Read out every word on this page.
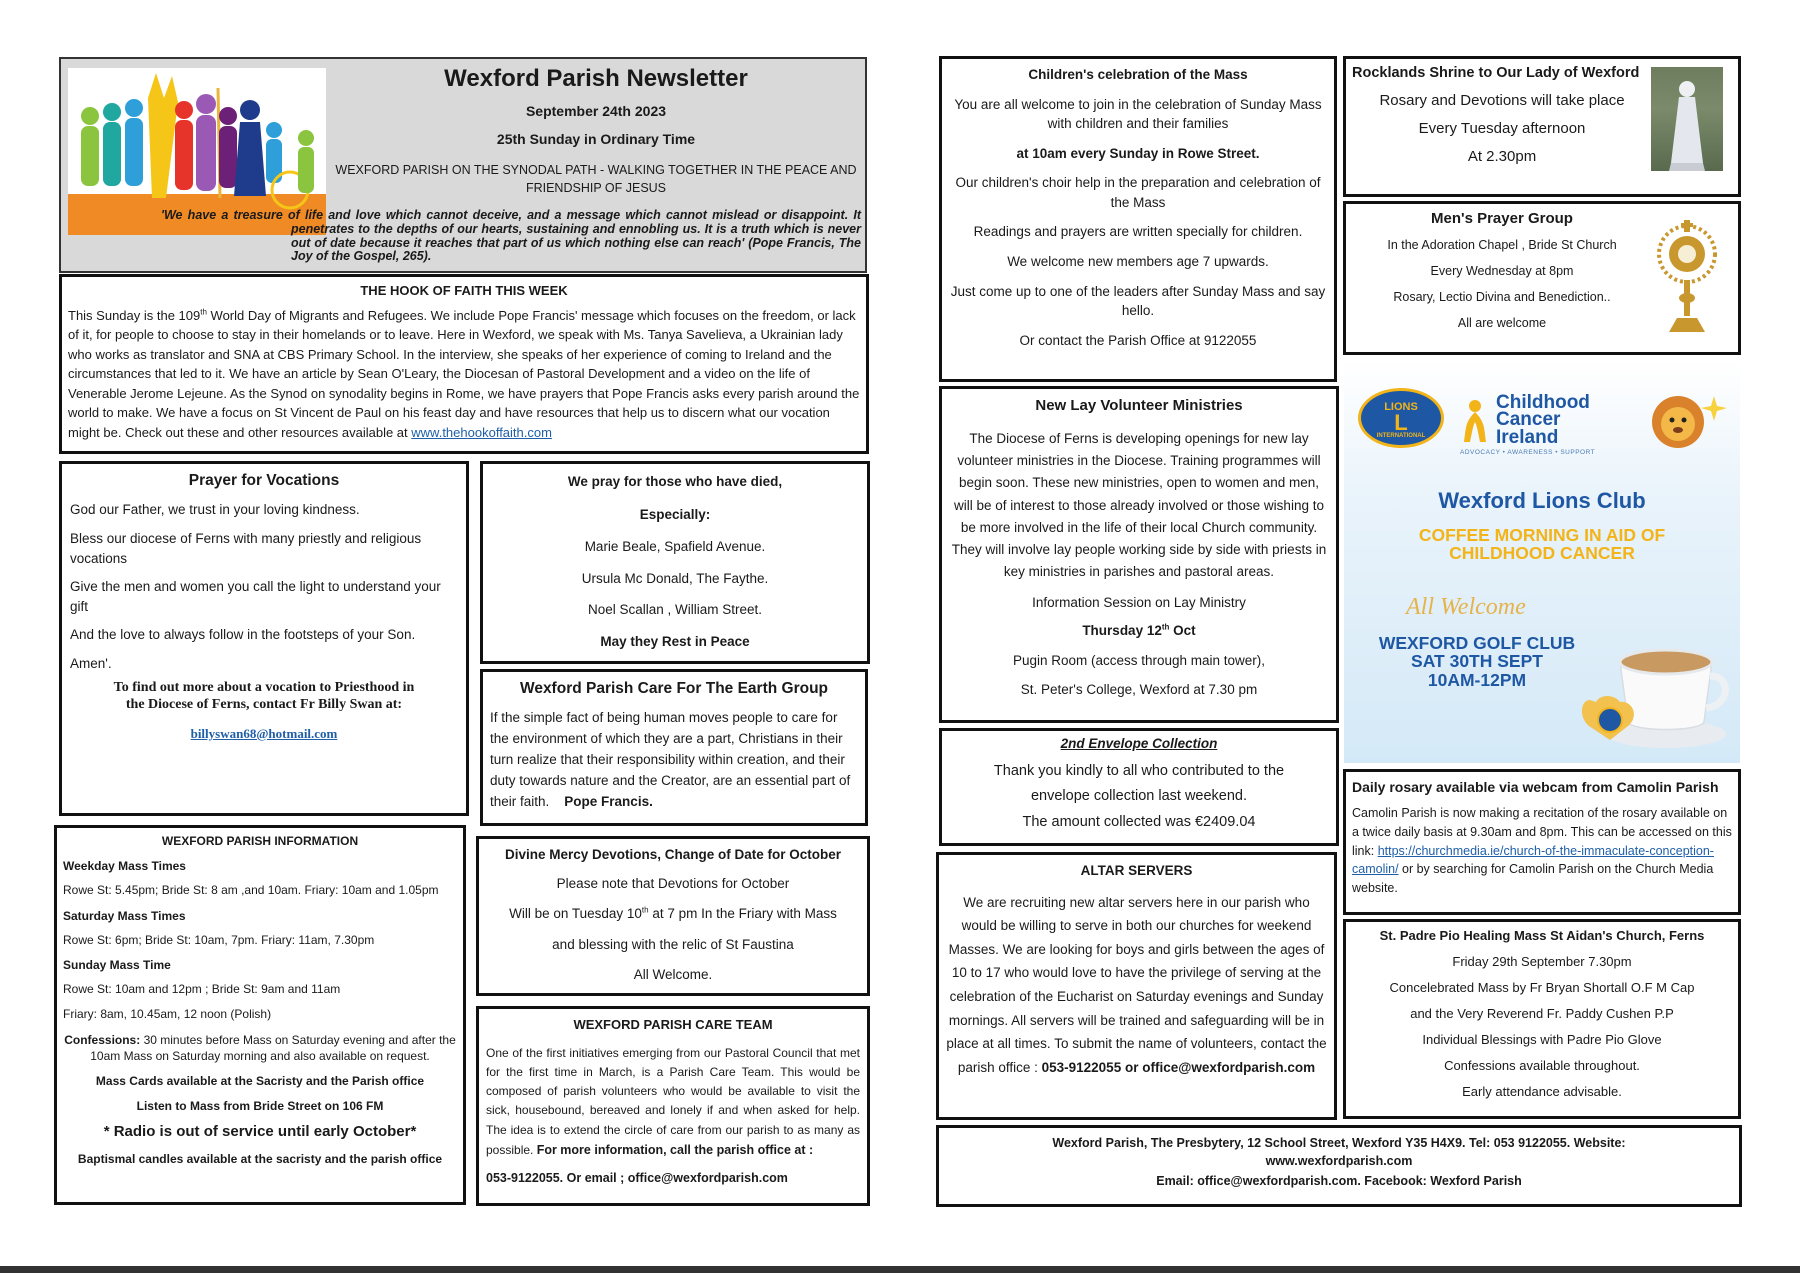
Wexford Parish Newsletter
September 24th 2023
25th Sunday in Ordinary Time
WEXFORD PARISH ON THE SYNODAL PATH - WALKING TOGETHER IN THE PEACE AND FRIENDSHIP OF JESUS
'We have a treasure of life and love which cannot deceive, and a message which cannot mislead or disappoint. It penetrates to the depths of our hearts, sustaining and ennobling us. It is a truth which is never out of date because it reaches that part of us which nothing else can reach' (Pope Francis, The Joy of the Gospel, 265).
THE HOOK OF FAITH THIS WEEK
This Sunday is the 109th World Day of Migrants and Refugees. We include Pope Francis' message which focuses on the freedom, or lack of it, for people to choose to stay in their homelands or to leave. Here in Wexford, we speak with Ms. Tanya Savelieva, a Ukrainian lady who works as translator and SNA at CBS Primary School. In the interview, she speaks of her experience of coming to Ireland and the circumstances that led to it. We have an article by Sean O'Leary, the Diocesan of Pastoral Development and a video on the life of Venerable Jerome Lejeune. As the Synod on synodality begins in Rome, we have prayers that Pope Francis asks every parish around the world to make. We have a focus on St Vincent de Paul on his feast day and have resources that help us to discern what our vocation might be. Check out these and other resources available at www.thehookoffaith.com
Prayer for Vocations

God our Father, we trust in your loving kindness.

Bless our diocese of Ferns with many priestly and religious vocations

Give the men and women you call the light to understand your gift

And the love to always follow in the footsteps of your Son.

Amen'.

To find out more about a vocation to Priesthood in the Diocese of Ferns, contact Fr Billy Swan at:
billyswan68@hotmail.com
We pray for those who have died,
Especially:
Marie Beale, Spafield Avenue.
Ursula Mc Donald, The Faythe.
Noel Scallan , William Street.
May they Rest in Peace
Wexford Parish Care For The Earth Group
If the simple fact of being human moves people to care for the environment of which they are a part, Christians in their turn realize that their responsibility within creation, and their duty towards nature and the Creator, are an essential part of their faith. Pope Francis.
WEXFORD PARISH INFORMATION
Weekday Mass Times
Rowe St: 5.45pm; Bride St: 8 am ,and 10am. Friary: 10am and 1.05pm
Saturday Mass Times
Rowe St: 6pm; Bride St: 10am, 7pm. Friary: 11am, 7.30pm
Sunday Mass Time
Rowe St: 10am and 12pm ; Bride St: 9am and 11am
Friary: 8am, 10.45am, 12 noon (Polish)
Confessions: 30 minutes before Mass on Saturday evening and after the 10am Mass on Saturday morning and also available on request.
Mass Cards available at the Sacristy and the Parish office
Listen to Mass from Bride Street on 106 FM
* Radio is out of service until early October*
Baptismal candles available at the sacristy and the parish office
Divine Mercy Devotions, Change of Date for October
Please note that Devotions for October
Will be on Tuesday 10th at 7 pm In the Friary with Mass
and blessing with the relic of St Faustina
All Welcome.
WEXFORD PARISH CARE TEAM
One of the first initiatives emerging from our Pastoral Council that met for the first time in March, is a Parish Care Team. This would be composed of parish volunteers who would be available to visit the sick, housebound, bereaved and lonely if and when asked for help. The idea is to extend the circle of care from our parish to as many as possible. For more information, call the parish office at :
053-9122055. Or email ; office@wexfordparish.com
Children's celebration of the Mass
You are all welcome to join in the celebration of Sunday Mass with children and their families
at 10am every Sunday in Rowe Street.
Our children's choir help in the preparation and celebration of the Mass
Readings and prayers are written specially for children.
We welcome new members age 7 upwards.
Just come up to one of the leaders after Sunday Mass and say hello.
Or contact the Parish Office at 9122055
New Lay Volunteer Ministries
The Diocese of Ferns is developing openings for new lay volunteer ministries in the Diocese. Training programmes will begin soon. These new ministries, open to women and men, will be of interest to those already involved or those wishing to be more involved in the life of their local Church community. They will involve lay people working side by side with priests in key ministries in parishes and pastoral areas.
Information Session on Lay Ministry
Thursday 12th Oct
Pugin Room (access through main tower),
St. Peter's College, Wexford at 7.30 pm
2nd Envelope Collection
Thank you kindly to all who contributed to the envelope collection last weekend.
The amount collected was €2409.04
ALTAR SERVERS
We are recruiting new altar servers here in our parish who would be willing to serve in both our churches for weekend Masses. We are looking for boys and girls between the ages of 10 to 17 who would love to have the privilege of serving at the celebration of the Eucharist on Saturday evenings and Sunday mornings. All servers will be trained and safeguarding will be in place at all times. To submit the name of volunteers, contact the parish office : 053-9122055 or office@wexfordparish.com
Rocklands Shrine to Our Lady of Wexford
Rosary and Devotions will take place
Every Tuesday afternoon
At 2.30pm
Men's Prayer Group
In the Adoration Chapel , Bride St Church
Every Wednesday at 8pm
Rosary, Lectio Divina and Benediction..
All are welcome
LIONS
L
INTERNATIONAL
Childhood
Cancer
Ireland
ADVOCACY • AWARENESS • SUPPORT
Wexford Lions Club
COFFEE MORNING IN AID OF CHILDHOOD CANCER
All Welcome
WEXFORD GOLF CLUB
SAT 30TH SEPT
10AM-12PM
Daily rosary available via webcam from Camolin Parish
Camolin Parish is now making a recitation of the rosary available on a twice daily basis at 9.30am and 8pm. This can be accessed on this link: https://churchmedia.ie/church-of-the-immaculate-conception-camolin/ or by searching for Camolin Parish on the Church Media website.
St. Padre Pio Healing Mass St Aidan's Church, Ferns
Friday 29th September 7.30pm
Concelebrated Mass by Fr Bryan Shortall O.F M Cap
and the Very Reverend Fr. Paddy Cushen P.P
Individual Blessings with Padre Pio Glove
Confessions available throughout.
Early attendance advisable.
Wexford Parish, The Presbytery, 12 School Street, Wexford Y35 H4X9. Tel: 053 9122055. Website: www.wexfordparish.com
Email: office@wexfordparish.com. Facebook: Wexford Parish
